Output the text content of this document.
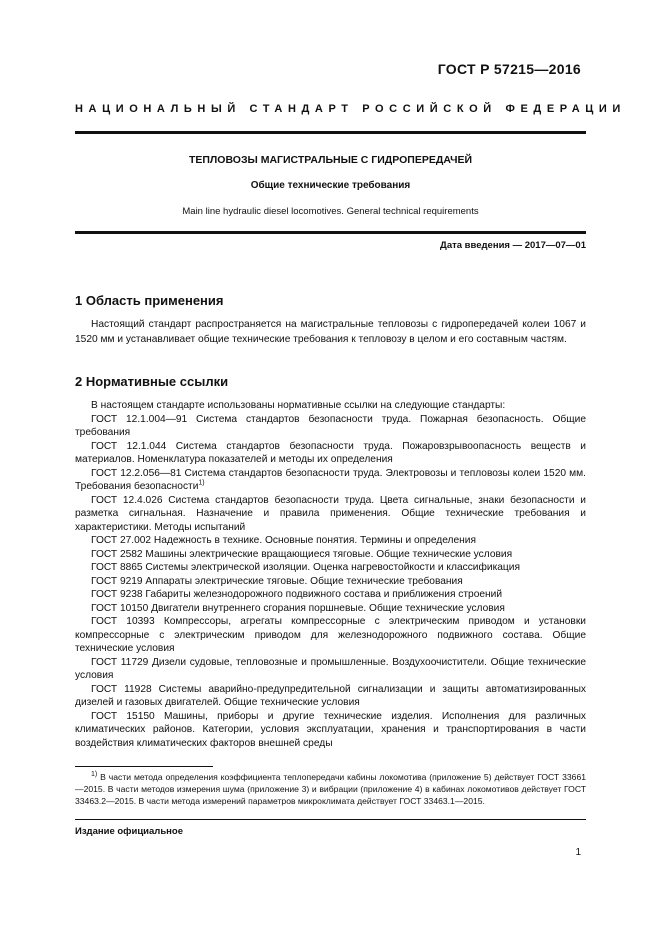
ГОСТ Р 57215—2016
НАЦИОНАЛЬНЫЙ СТАНДАРТ РОССИЙСКОЙ ФЕДЕРАЦИИ
ТЕПЛОВОЗЫ МАГИСТРАЛЬНЫЕ С ГИДРОПЕРЕДАЧЕЙ
Общие технические требования
Main line hydraulic diesel locomotives. General technical requirements
Дата введения — 2017—07—01
1 Область применения

Настоящий стандарт распространяется на магистральные тепловозы с гидропередачей колеи 1067 и 1520 мм и устанавливает общие технические требования к тепловозу в целом и его составным частям.

2 Нормативные ссылки
В настоящем стандарте использованы нормативные ссылки на следующие стандарты:
ГОСТ 12.1.004—91 Система стандартов безопасности труда. Пожарная безопасность. Общие требования
ГОСТ 12.1.044 Система стандартов безопасности труда. Пожаровзрывоопасность веществ и материалов. Номенклатура показателей и методы их определения
ГОСТ 12.2.056—81 Система стандартов безопасности труда. Электровозы и тепловозы колеи 1520 мм. Требования безопасности$^{1)}$
ГОСТ 12.4.026 Система стандартов безопасности труда. Цвета сигнальные, знаки безопасности и разметка сигнальная. Назначение и правила применения. Общие технические требования и характеристики. Методы испытаний
ГОСТ 27.002 Надежность в технике. Основные понятия. Термины и определения
ГОСТ 2582 Машины электрические вращающиеся тяговые. Общие технические условия
ГОСТ 8865 Системы электрической изоляции. Оценка нагревостойкости и классификация
ГОСТ 9219 Аппараты электрические тяговые. Общие технические требования
ГОСТ 9238 Габариты железнодорожного подвижного состава и приближения строений
ГОСТ 10150 Двигатели внутреннего сгорания поршневые. Общие технические условия
ГОСТ 10393 Компрессоры, агрегаты компрессорные с электрическим приводом и установки компрессорные с электрическим приводом для железнодорожного подвижного состава. Общие технические условия
ГОСТ 11729 Дизели судовые, тепловозные и промышленные. Воздухоочистители. Общие технические условия
ГОСТ 11928 Системы аварийно-предупредительной сигнализации и защиты автоматизированных дизелей и газовых двигателей. Общие технические условия
ГОСТ 15150 Машины, приборы и другие технические изделия. Исполнения для различных климатических районов. Категории, условия эксплуатации, хранения и транспортирования в части воздействия климатических факторов внешней среды
$^{1)}$ В части метода определения коэффициента теплопередачи кабины локомотива (приложение 5) действует ГОСТ 33661—2015. В части методов измерения шума (приложение 3) и вибрации (приложение 4) в кабинах локомотивов действует ГОСТ 33463.2—2015. В части метода измерений параметров микроклимата действует ГОСТ 33463.1—2015.
Издание официальное
1
